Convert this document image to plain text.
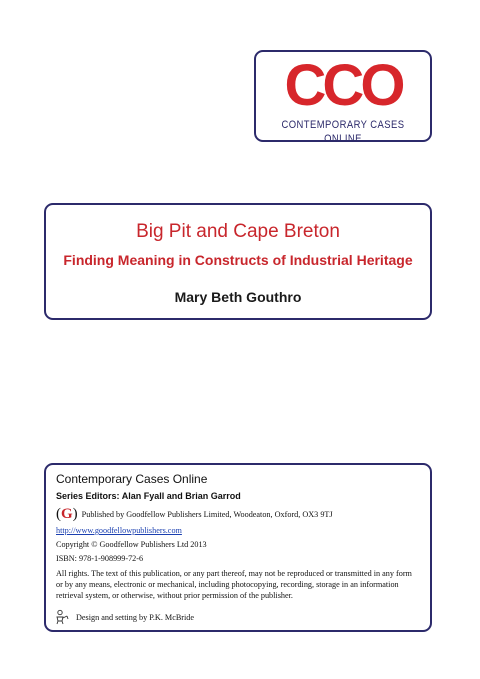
CCO
CONTEMPORARY CASES ONLINE
Big Pit and Cape Breton
Finding Meaning in Constructs of Industrial Heritage
Mary Beth Gouthro
Contemporary Cases Online
Series Editors: Alan Fyall and Brian Garrod
(G) Published by Goodfellow Publishers Limited, Woodeaton, Oxford, OX3 9TJ
http://www.goodfellowpublishers.com
Copyright © Goodfellow Publishers Ltd 2013
ISBN: 978-1-908999-72-6
All rights. The text of this publication, or any part thereof, may not be reproduced or transmitted in any form or by any means, electronic or mechanical, including photocopying, recording, storage in an information retrieval system, or otherwise, without prior permission of the publisher.
Design and setting by P.K. McBride
